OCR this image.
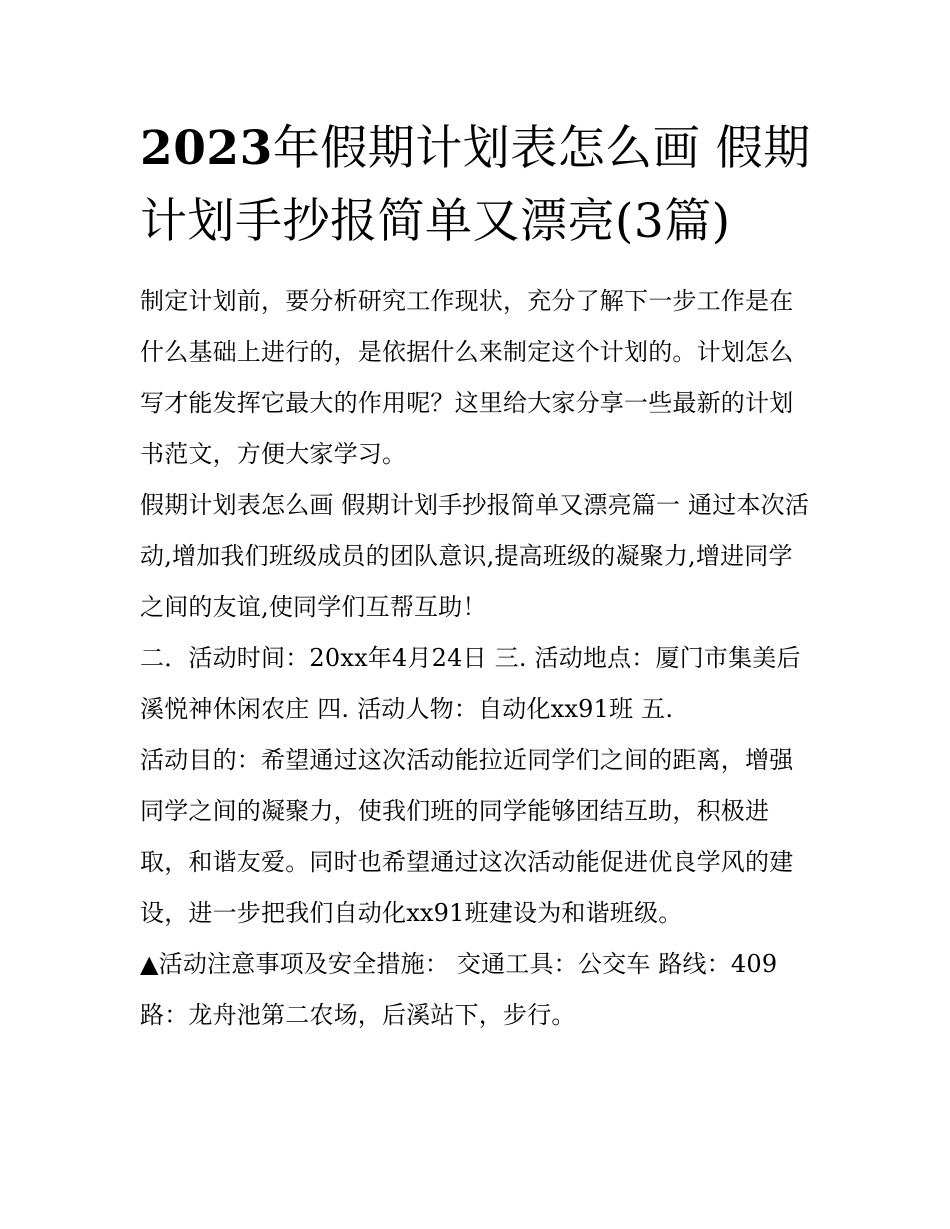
2023年假期计划表怎么画 假期计划手抄报简单又漂亮(3篇)

制定计划前，要分析研究工作现状，充分了解下一步工作是在什么基础上进行的，是依据什么来制定这个计划的。计划怎么写才能发挥它最大的作用呢？这里给大家分享一些最新的计划书范文，方便大家学习。

假期计划表怎么画 假期计划手抄报简单又漂亮篇一 通过本次活动,增加我们班级成员的团队意识,提高班级的凝聚力,增进同学之间的友谊,使同学们互帮互助！

二．活动时间：20xx年4月24日 三. 活动地点：厦门市集美后溪悦神休闲农庄 四. 活动人物：自动化xx91班 五.

活动目的：希望通过这次活动能拉近同学们之间的距离，增强同学之间的凝聚力，使我们班的同学能够团结互助，积极进取，和谐友爱。同时也希望通过这次活动能促进优良学风的建设，进一步把我们自动化xx91班建设为和谐班级。

▲活动注意事项及安全措施： 交通工具：公交车 路线：409路：龙舟池第二农场，后溪站下，步行。
